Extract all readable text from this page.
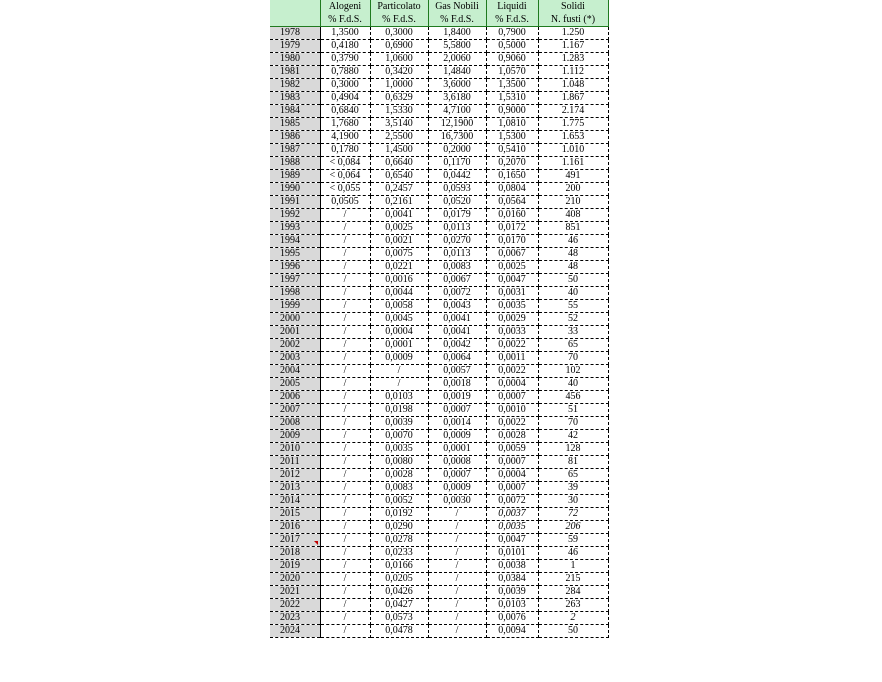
	Alogeni	Particolato	Gas Nobili	Liquidi	Solidi
	% F.d.S.	% F.d.S.	% F.d.S.	% F.d.S.	N. fusti (*)
1978	1,3500	0,3000	1,8400	0,7900	1.250
1979	0,4180	0,6900	5,5800	0,5000	1.167
1980	0,3790	1,0600	2,0060	0,9060	1.283
1981	0,7880	0,3420	1,4840	1,0570	1.112
1982	0,3000	1,0000	3,6000	1,3500	1.048
1983	0,4904	0,6329	3,6180	1,5310	1.867
1984	0,6840	1,5330	4,7100	0,9000	2.174
1985	1,7680	3,5140	12,1900	1,0810	1.775
1986	4,1900	2,5500	16,7300	1,5300	1.653
1987	0,1780	1,4500	0,2000	0,5410	1.010
1988	< 0,084	0,6640	0,1170	0,2070	1.161
1989	< 0,064	0,6540	0,0442	0,1650	491
1990	< 0,055	0,2457	0,0593	0,0804	200
1991	0,0505	0,2161	0,0520	0,0564	210
1992	/	0,0041	0,0179	0,0160	408
1993	/	0,0025	0,0113	0,0172	851
1994	/	0,0021	0,0270	0,0170	46
1995	/	0,0075	0,0113	0,0067	48
1996	/	0,0221	0,0083	0,0025	48
1997	/	0,0016	0,0067	0,0047	50
1998	/	0,0044	0,0072	0,0031	40
1999	/	0,0058	0,0043	0,0035	55
2000	/	0,0045	0,0041	0,0029	52
2001	/	0,0004	0,0041	0,0033	33
2002	/	0,0001	0,0042	0,0022	65
2003	/	0,0009	0,0064	0,0011	70
2004	/	/	0,0057	0,0022	102
2005	/	/	0,0018	0,0004	40
2006	/	0,0103	0,0019	0,0007	456
2007	/	0,0198	0,0007	0,0010	51
2008	/	0,0039	0,0014	0,0022	70
2009	/	0,0070	0,0009	0,0028	42
2010	/	0,0035	0,0001	0,0059	128
2011	/	0,0080	0,0008	0,0007	81
2012	/	0,0028	0,0007	0,0004	65
2013	/	0,0083	0,0009	0,0007	39
2014	/	0,0052	0,0030	0,0072	30
2015	/	0,0192	/	0,0037	72
2016	/	0,0290	/	0,0035	206
2017	/	0,0278	/	0,0047	59
2018	/	0,0233	/	0,0101	46
2019	/	0,0166	/	0,0038	1
2020	/	0,0205	/	0,0384	215
2021	/	0,0426	/	0,0039	284
2022	/	0,0427	/	0,0103	263
2023	/	0,0573	/	0,0076	2
2024	/	0,0478	/	0,0094	50
